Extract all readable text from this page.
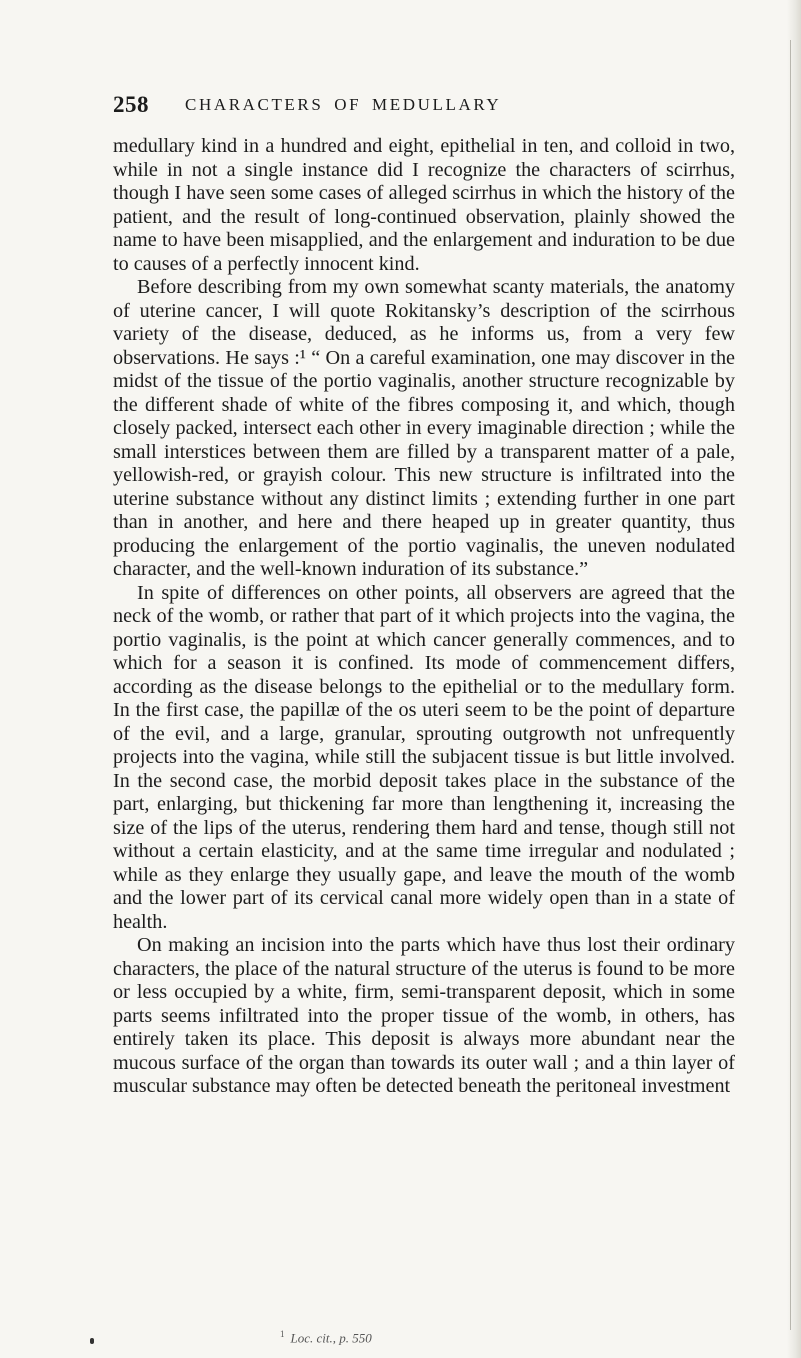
258 CHARACTERS OF MEDULLARY

medullary kind in a hundred and eight, epithelial in ten, and colloid in two, while in not a single instance did I recognize the characters of scirrhus, though I have seen some cases of alleged scirrhus in which the history of the patient, and the result of long-continued observation, plainly showed the name to have been misapplied, and the enlargement and induration to be due to causes of a perfectly innocent kind.

Before describing from my own somewhat scanty materials, the anatomy of uterine cancer, I will quote Rokitansky’s description of the scirrhous variety of the disease, deduced, as he informs us, from a very few observations. He says :¹ “ On a careful examination, one may discover in the midst of the tissue of the portio vaginalis, another structure recognizable by the different shade of white of the fibres composing it, and which, though closely packed, intersect each other in every imaginable direction ; while the small interstices between them are filled by a transparent matter of a pale, yellowish-red, or grayish colour. This new structure is infiltrated into the uterine substance without any distinct limits ; extending further in one part than in another, and here and there heaped up in greater quantity, thus producing the enlargement of the portio vaginalis, the uneven nodulated character, and the well-known induration of its substance.”

In spite of differences on other points, all observers are agreed that the neck of the womb, or rather that part of it which projects into the vagina, the portio vaginalis, is the point at which cancer generally commences, and to which for a season it is confined. Its mode of commencement differs, according as the disease belongs to the epithelial or to the medullary form. In the first case, the papillæ of the os uteri seem to be the point of departure of the evil, and a large, granular, sprouting outgrowth not unfrequently projects into the vagina, while still the subjacent tissue is but little involved. In the second case, the morbid deposit takes place in the substance of the part, enlarging, but thickening far more than lengthening it, increasing the size of the lips of the uterus, rendering them hard and tense, though still not without a certain elasticity, and at the same time irregular and nodulated ; while as they enlarge they usually gape, and leave the mouth of the womb and the lower part of its cervical canal more widely open than in a state of health.

On making an incision into the parts which have thus lost their ordinary characters, the place of the natural structure of the uterus is found to be more or less occupied by a white, firm, semi-transparent deposit, which in some parts seems infiltrated into the proper tissue of the womb, in others, has entirely taken its place. This deposit is always more abundant near the mucous surface of the organ than towards its outer wall ; and a thin layer of muscular substance may often be detected beneath the peritoneal investment

$^1$ Loc. cit., p. 550
